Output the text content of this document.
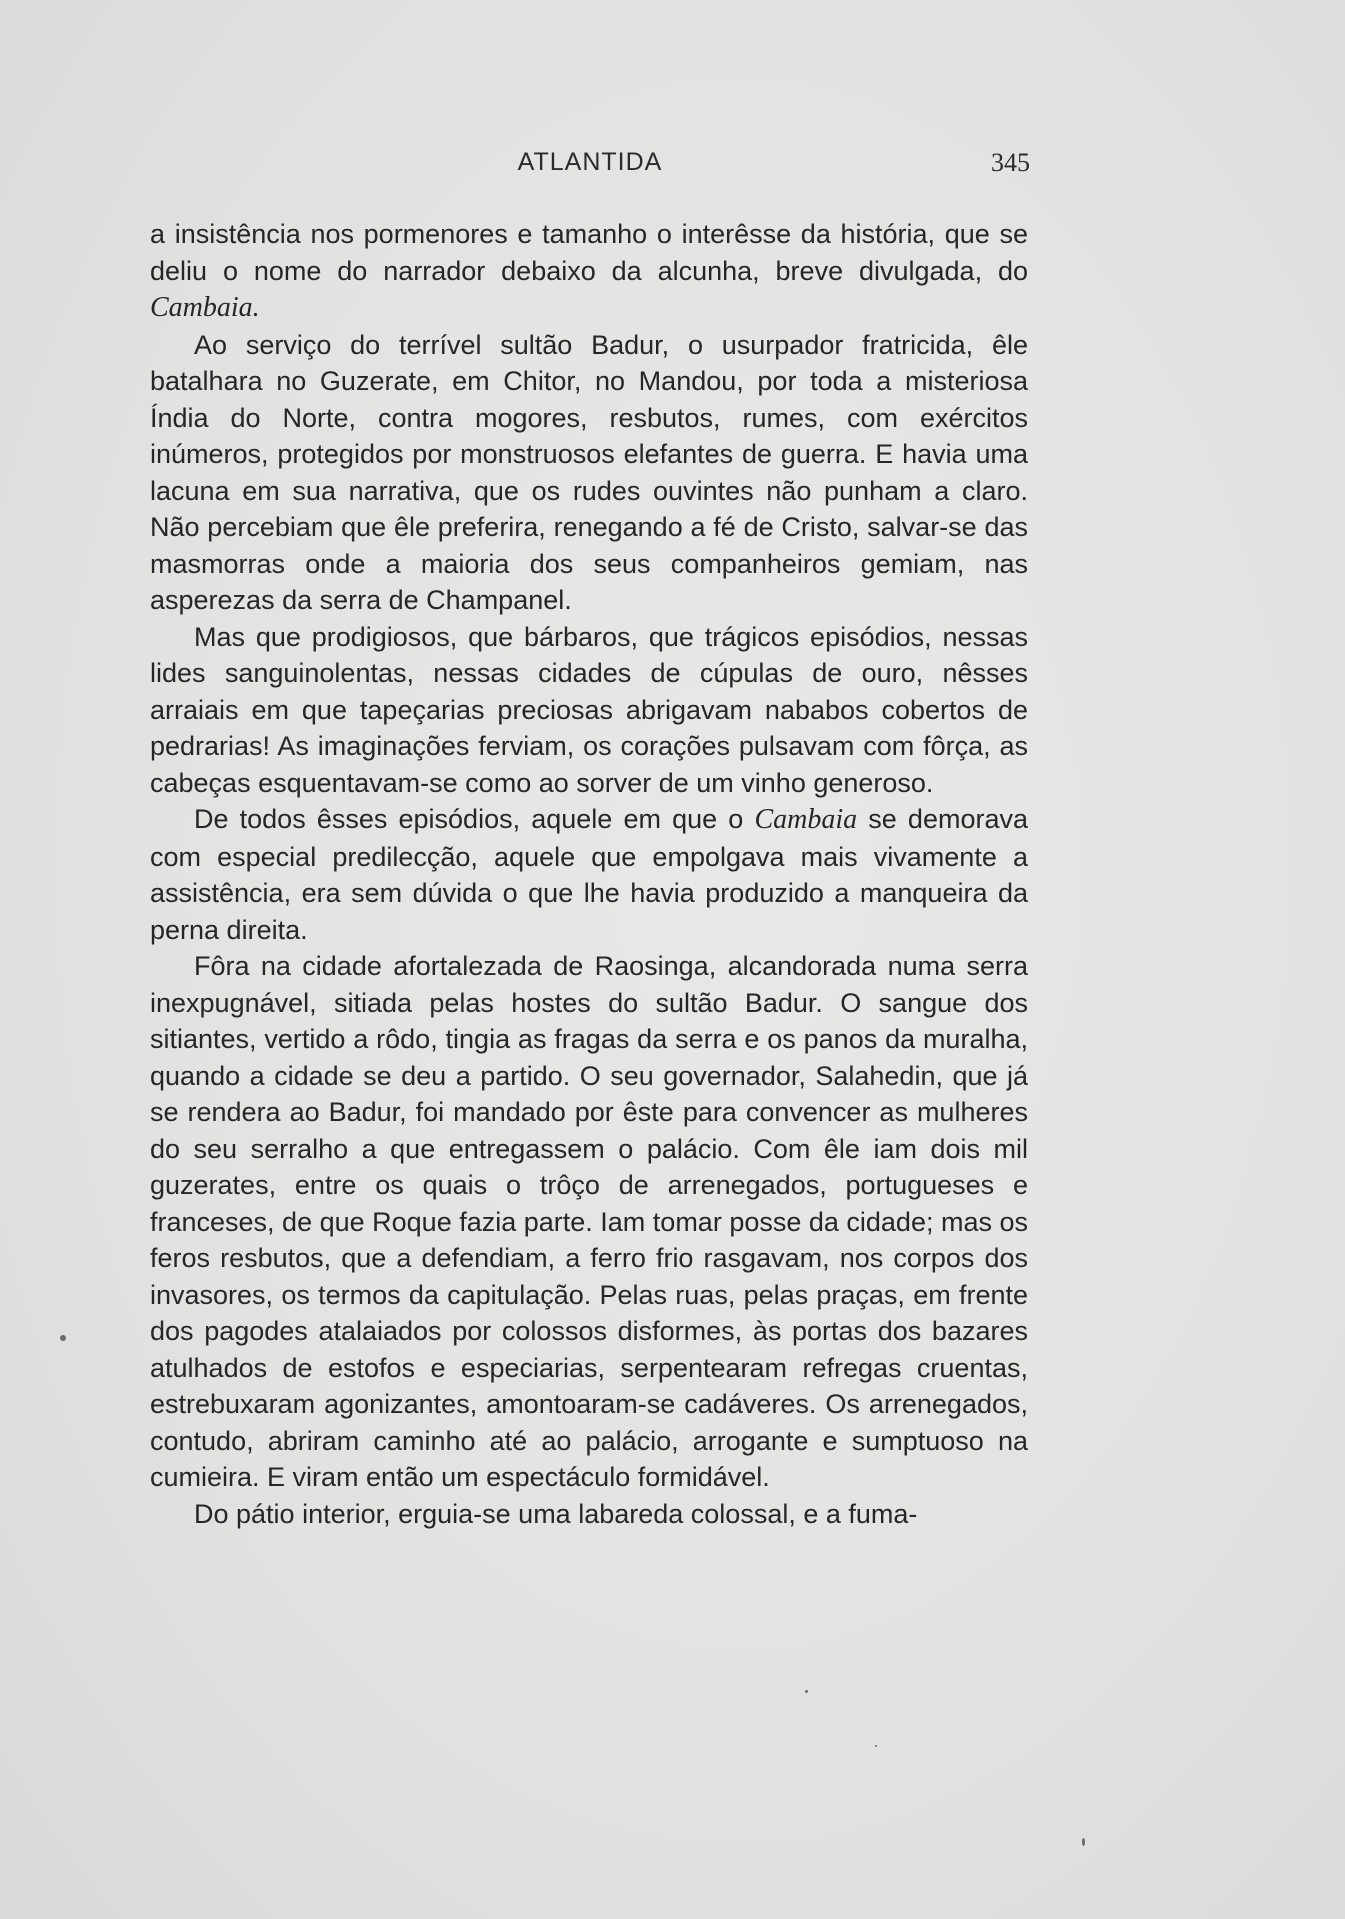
ATLANTIDA	345

a insistência nos pormenores e tamanho o interêsse da história, que se deliu o nome do narrador debaixo da alcunha, breve divulgada, do Cambaia.

Ao serviço do terrível sultão Badur, o usurpador fratricida, êle batalhara no Guzerate, em Chitor, no Mandou, por toda a misteriosa Índia do Norte, contra mogores, resbutos, rumes, com exércitos inúmeros, protegidos por monstruosos elefantes de guerra. E havia uma lacuna em sua narrativa, que os rudes ouvintes não punham a claro. Não percebiam que êle preferira, renegando a fé de Cristo, salvar-se das masmorras onde a maioria dos seus companheiros gemiam, nas asperezas da serra de Champanel.

Mas que prodigiosos, que bárbaros, que trágicos episódios, nessas lides sanguinolentas, nessas cidades de cúpulas de ouro, nêsses arraiais em que tapeçarias preciosas abrigavam nababos cobertos de pedrarias! As imaginações ferviam, os corações pulsavam com fôrça, as cabeças esquentavam-se como ao sorver de um vinho generoso.

De todos êsses episódios, aquele em que o Cambaia se demorava com especial predilecção, aquele que empolgava mais vivamente a assistência, era sem dúvida o que lhe havia produzido a manqueira da perna direita.

Fôra na cidade afortalezada de Raosinga, alcandorada numa serra inexpugnável, sitiada pelas hostes do sultão Badur. O sangue dos sitiantes, vertido a rôdo, tingia as fragas da serra e os panos da muralha, quando a cidade se deu a partido. O seu governador, Salahedin, que já se rendera ao Badur, foi mandado por êste para convencer as mulheres do seu serralho a que entregassem o palácio. Com êle iam dois mil guzerates, entre os quais o trôço de arrenegados, portugueses e franceses, de que Roque fazia parte. Iam tomar posse da cidade; mas os feros resbutos, que a defendiam, a ferro frio rasgavam, nos corpos dos invasores, os termos da capitulação. Pelas ruas, pelas praças, em frente dos pagodes atalaiados por colossos disformes, às portas dos bazares atulhados de estofos e especiarias, serpentearam refregas cruentas, estrebuxaram agonizantes, amontoaram-se cadáveres. Os arrenegados, contudo, abriram caminho até ao palácio, arrogante e sumptuoso na cumieira. E viram então um espectáculo formidável.

Do pátio interior, erguia-se uma labareda colossal, e a fuma-
